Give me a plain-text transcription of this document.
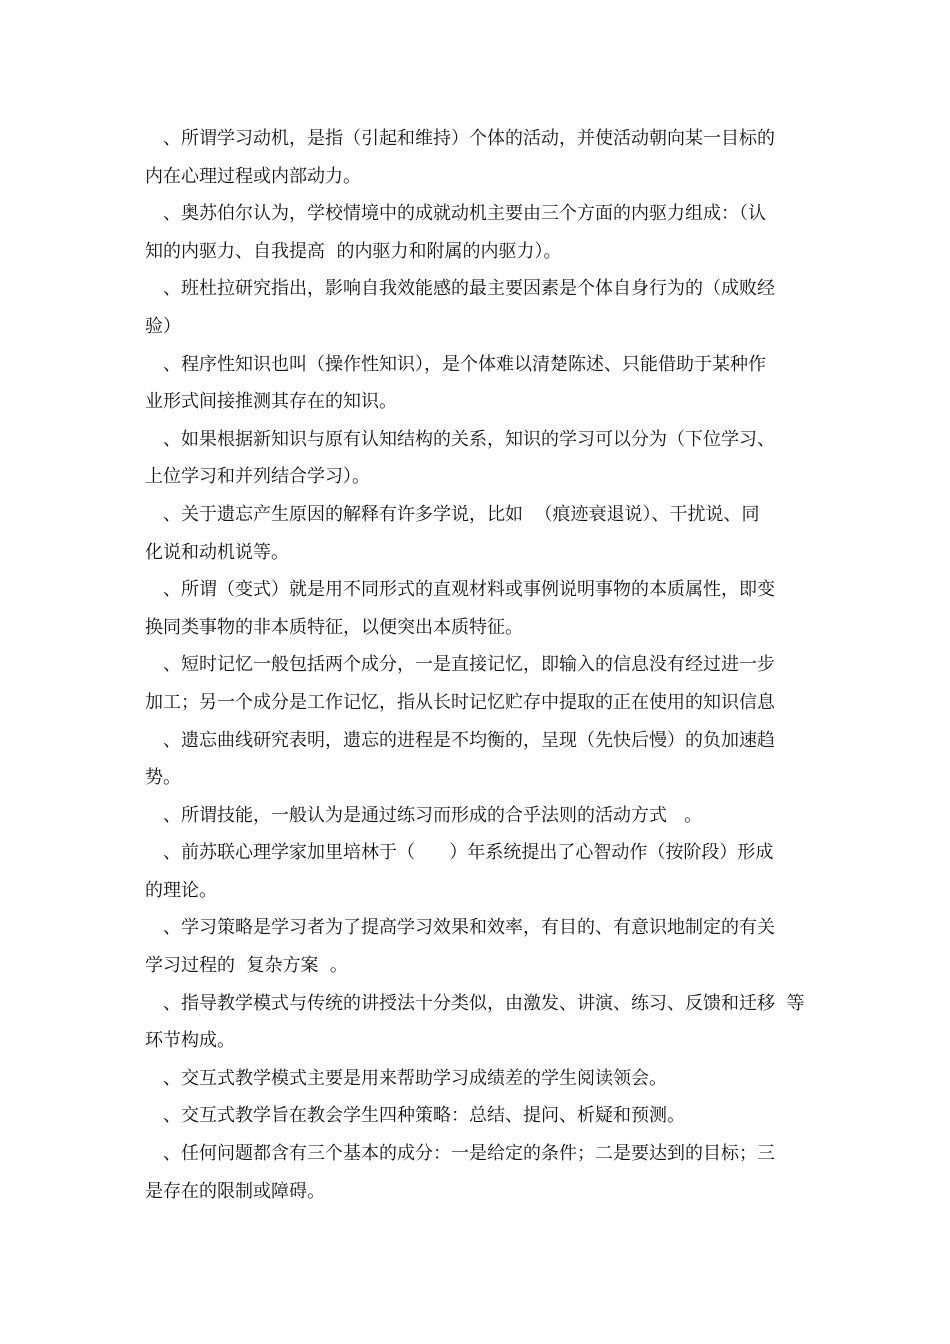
　、所谓学习动机，是指（引起和维持）个体的活动，并使活动朝向某一目标的
内在心理过程或内部动力。
　、奥苏伯尔认为，学校情境中的成就动机主要由三个方面的内驱力组成：（认
知的内驱力、自我提高  的内驱力和附属的内驱力）。
　、班杜拉研究指出，影响自我效能感的最主要因素是个体自身行为的（成败经
验）
　、程序性知识也叫（操作性知识），是个体难以清楚陈述、只能借助于某种作
业形式间接推测其存在的知识。
　、如果根据新知识与原有认知结构的关系，知识的学习可以分为（下位学习、
上位学习和并列结合学习）。
　、关于遗忘产生原因的解释有许多学说，比如  （痕迹衰退说）、干扰说、同
化说和动机说等。
　、所谓（变式）就是用不同形式的直观材料或事例说明事物的本质属性，即变
换同类事物的非本质特征，以便突出本质特征。
　、短时记忆一般包括两个成分，一是直接记忆，即输入的信息没有经过进一步
加工；另一个成分是工作记忆，指从长时记忆贮存中提取的正在使用的知识信息
　、遗忘曲线研究表明，遗忘的进程是不均衡的，呈现（先快后慢）的负加速趋
势。
　、所谓技能，一般认为是通过练习而形成的合乎法则的活动方式   。
　、前苏联心理学家加里培林于（      ）年系统提出了心智动作（按阶段）形成
的理论。
　、学习策略是学习者为了提高学习效果和效率，有目的、有意识地制定的有关
学习过程的  复杂方案  。
　、指导教学模式与传统的讲授法十分类似，由激发、讲演、练习、反馈和迁移  等
环节构成。
　、交互式教学模式主要是用来帮助学习成绩差的学生阅读领会。
　、交互式教学旨在教会学生四种策略：总结、提问、析疑和预测。
　、任何问题都含有三个基本的成分：一是给定的条件；二是要达到的目标；三
是存在的限制或障碍。
